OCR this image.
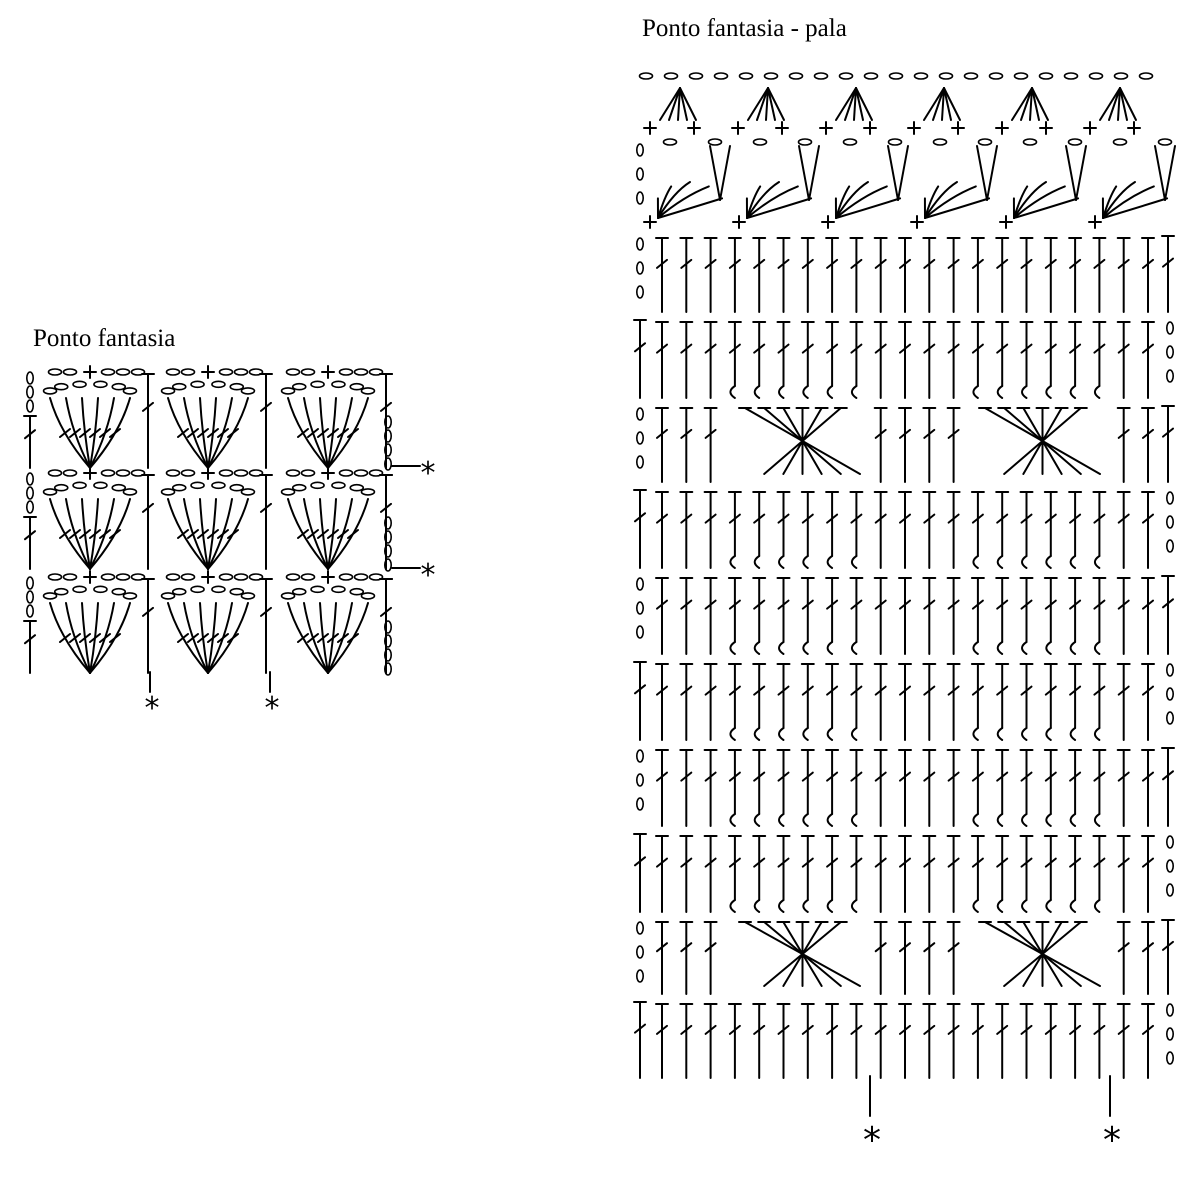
Ponto fantasia
Ponto fantasia - pala
*
*
*	*
*	*
